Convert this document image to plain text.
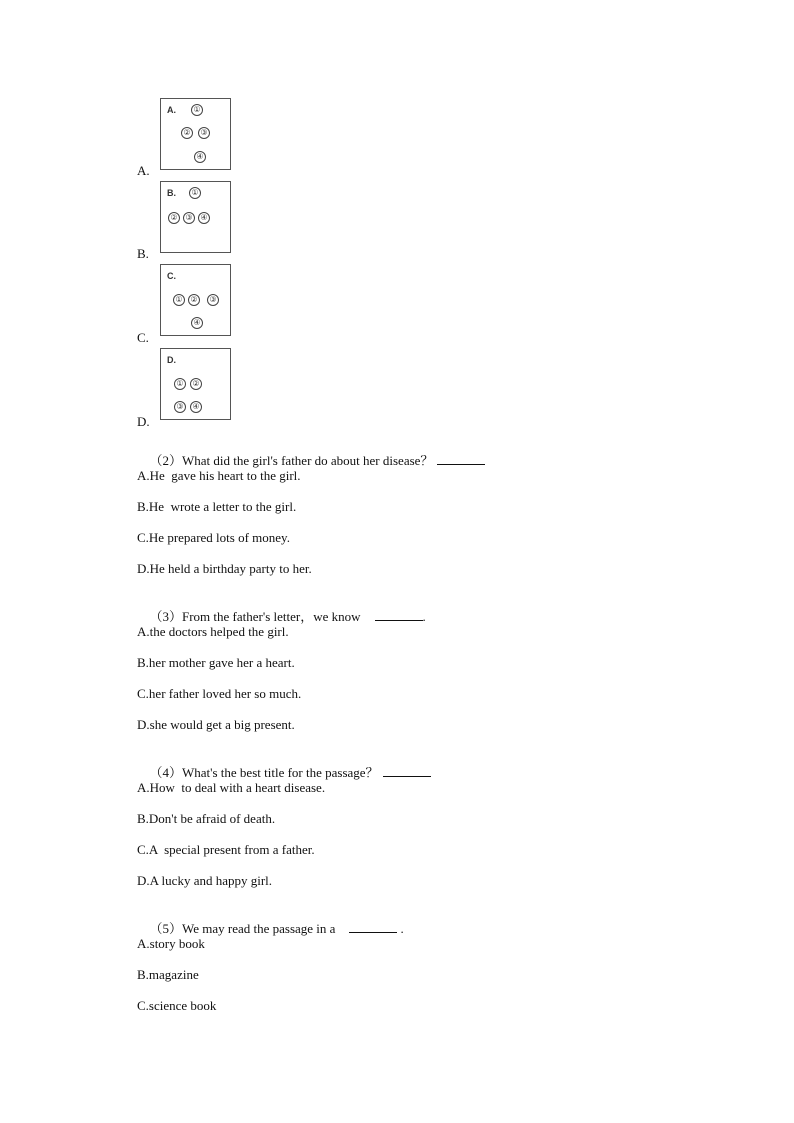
A.	①
②	③
④
A.
B.	①
② ③ ④
B.
C.
① ②	③
④
C.
D.
①	②
③	④
D.

（2）What did the girl's father do about her disease？

A.He  gave his heart to the girl.
B.He  wrote a letter to the girl.
C.He prepared lots of money.
D.He held a birthday party to her.

（3）From the father's letter，we know	.

A.the doctors helped the girl.
B.her mother gave her a heart.
C.her father loved her so much.
D.she would get a big present.

（4）What's the best title for the passage？

A.How  to deal with a heart disease.
B.Don't be afraid of death.
C.A  special present from a father.
D.A lucky and happy girl.

（5）We may read the passage in a	.

A.story book
B.magazine
C.science book
